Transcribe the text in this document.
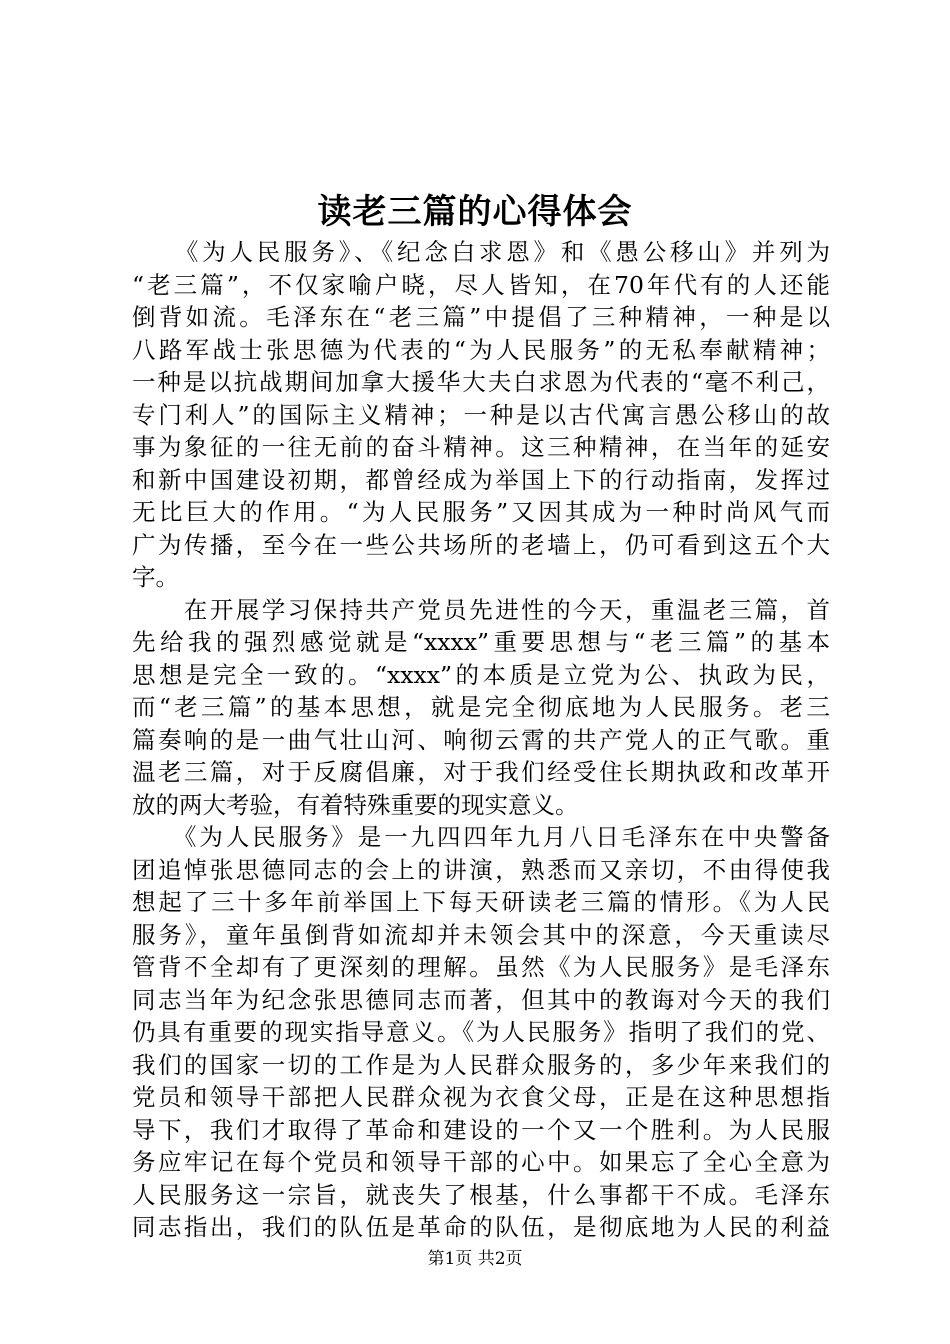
读老三篇的心得体会
　　《为人民服务》、《纪念白求恩》和《愚公移山》并列为
“老三篇”，不仅家喻户晓，尽人皆知，在70年代有的人还能
倒背如流。毛泽东在“老三篇”中提倡了三种精神，一种是以
八路军战士张思德为代表的“为人民服务”的无私奉献精神；
一种是以抗战期间加拿大援华大夫白求恩为代表的“毫不利己，
专门利人”的国际主义精神；一种是以古代寓言愚公移山的故
事为象征的一往无前的奋斗精神。这三种精神，在当年的延安
和新中国建设初期，都曾经成为举国上下的行动指南，发挥过
无比巨大的作用。“为人民服务”又因其成为一种时尚风气而
广为传播，至今在一些公共场所的老墙上，仍可看到这五个大
字。
　　在开展学习保持共产党员先进性的今天，重温老三篇，首
先给我的强烈感觉就是“xxxx”重要思想与“老三篇”的基本
思想是完全一致的。“xxxx”的本质是立党为公、执政为民，
而“老三篇”的基本思想，就是完全彻底地为人民服务。老三
篇奏响的是一曲气壮山河、响彻云霄的共产党人的正气歌。重
温老三篇，对于反腐倡廉，对于我们经受住长期执政和改革开
放的两大考验，有着特殊重要的现实意义。
　　《为人民服务》是一九四四年九月八日毛泽东在中央警备
团追悼张思德同志的会上的讲演，熟悉而又亲切，不由得使我
想起了三十多年前举国上下每天研读老三篇的情形。《为人民
服务》，童年虽倒背如流却并未领会其中的深意，今天重读尽
管背不全却有了更深刻的理解。虽然《为人民服务》是毛泽东
同志当年为纪念张思德同志而著，但其中的教诲对今天的我们
仍具有重要的现实指导意义。《为人民服务》指明了我们的党、
我们的国家一切的工作是为人民群众服务的，多少年来我们的
党员和领导干部把人民群众视为衣食父母，正是在这种思想指
导下，我们才取得了革命和建设的一个又一个胜利。为人民服
务应牢记在每个党员和领导干部的心中。如果忘了全心全意为
人民服务这一宗旨，就丧失了根基，什么事都干不成。毛泽东
同志指出，我们的队伍是革命的队伍，是彻底地为人民的利益
第1页 共2页
